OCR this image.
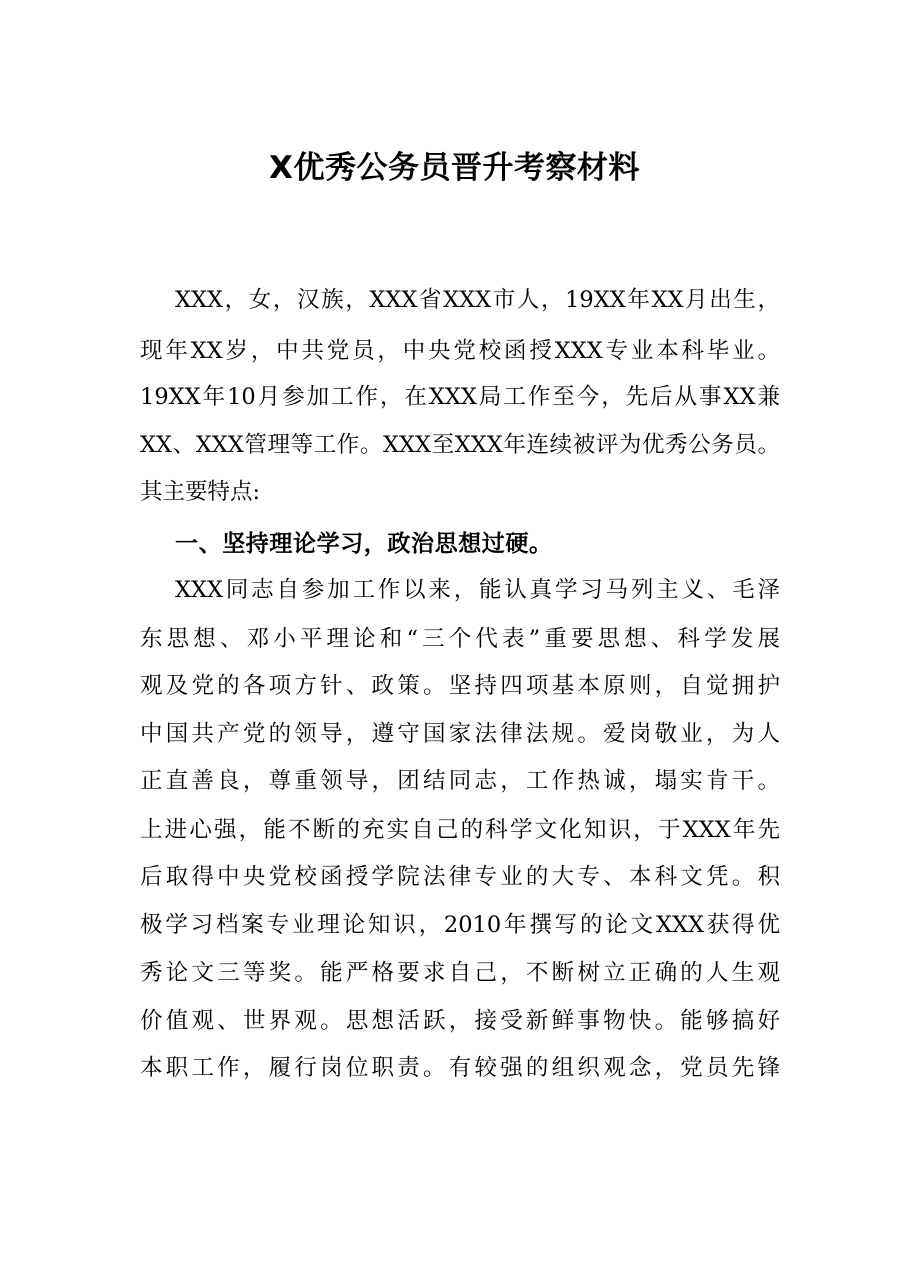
X优秀公务员晋升考察材料
XXX，女，汉族，XXX省XXX市人，19XX年XX月出生，
现年XX岁，中共党员，中央党校函授XXX专业本科毕业。
19XX年10月参加工作，在XXX局工作至今，先后从事XX兼
XX、XXX管理等工作。XXX至XXX年连续被评为优秀公务员。
其主要特点:
一、坚持理论学习，政治思想过硬。
XXX同志自参加工作以来，能认真学习马列主义、毛泽
东思想、邓小平理论和“三个代表”重要思想、科学发展
观及党的各项方针、政策。坚持四项基本原则，自觉拥护
中国共产党的领导，遵守国家法律法规。爱岗敬业，为人
正直善良，尊重领导，团结同志，工作热诚，塌实肯干。
上进心强，能不断的充实自己的科学文化知识，于XXX年先
后取得中央党校函授学院法律专业的大专、本科文凭。积
极学习档案专业理论知识，2010年撰写的论文XXX获得优
秀论文三等奖。能严格要求自己，不断树立正确的人生观
价值观、世界观。思想活跃，接受新鲜事物快。能够搞好
本职工作，履行岗位职责。有较强的组织观念，党员先锋
